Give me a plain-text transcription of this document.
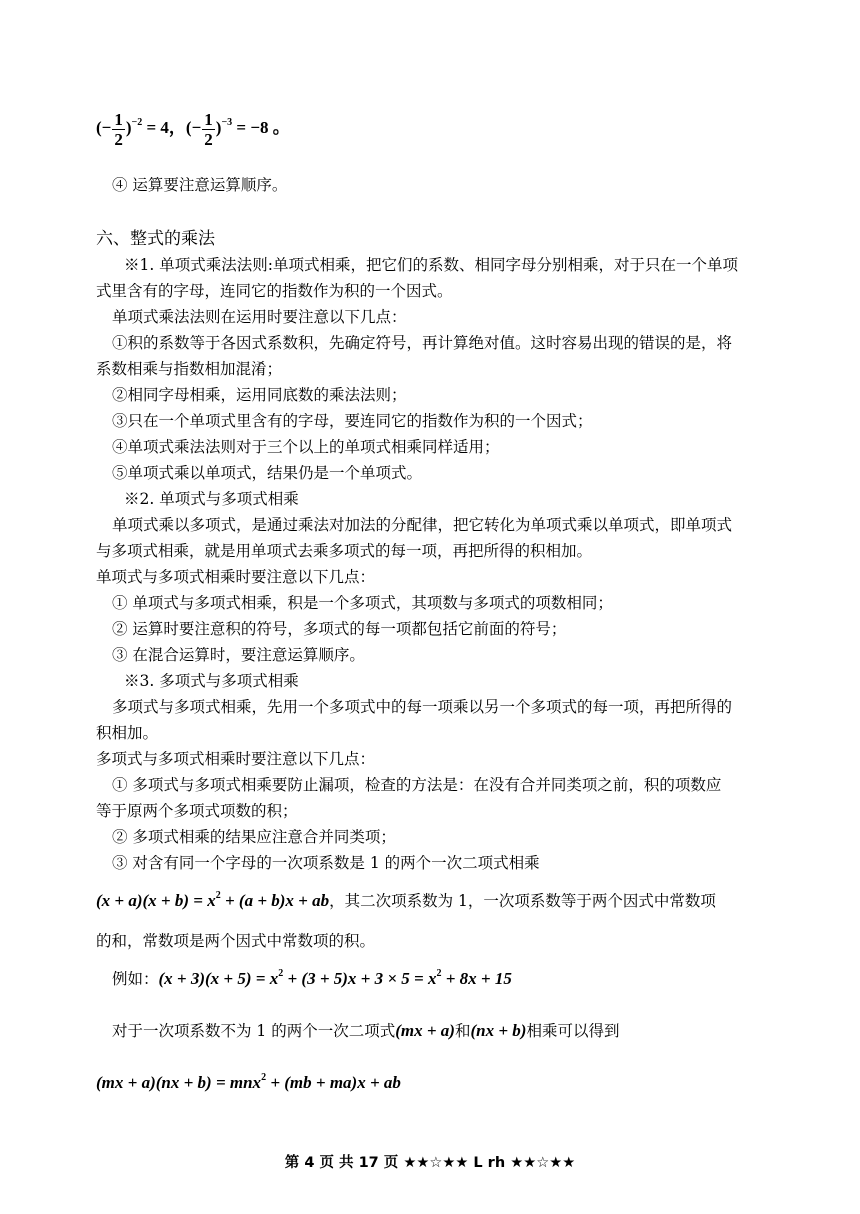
(− $\frac{1}{2} )^{-2} = 4$，(− $\frac{1}{2} )^{-3} = -8$ 。
④ 运算要注意运算顺序。
六、整式的乘法
※1. 单项式乘法法则:单项式相乘，把它们的系数、相同字母分别相乘，对于只在一个单项
式里含有的字母，连同它的指数作为积的一个因式。
单项式乘法法则在运用时要注意以下几点：
①积的系数等于各因式系数积，先确定符号，再计算绝对值。这时容易出现的错误的是，将
系数相乘与指数相加混淆；
②相同字母相乘，运用同底数的乘法法则；
③只在一个单项式里含有的字母，要连同它的指数作为积的一个因式；
④单项式乘法法则对于三个以上的单项式相乘同样适用；
⑤单项式乘以单项式，结果仍是一个单项式。
※2. 单项式与多项式相乘
单项式乘以多项式，是通过乘法对加法的分配律，把它转化为单项式乘以单项式，即单项式
与多项式相乘，就是用单项式去乘多项式的每一项，再把所得的积相加。
单项式与多项式相乘时要注意以下几点：
① 单项式与多项式相乘，积是一个多项式，其项数与多项式的项数相同；
② 运算时要注意积的符号，多项式的每一项都包括它前面的符号；
③ 在混合运算时，要注意运算顺序。
※3. 多项式与多项式相乘
多项式与多项式相乘，先用一个多项式中的每一项乘以另一个多项式的每一项，再把所得的
积相加。
多项式与多项式相乘时要注意以下几点：
① 多项式与多项式相乘要防止漏项，检查的方法是：在没有合并同类项之前，积的项数应
等于原两个多项式项数的积；
② 多项式相乘的结果应注意合并同类项；
③ 对含有同一个字母的一次项系数是 1 的两个一次二项式相乘
$(x + a)(x + b) = x^2 + (a + b)x$ + ab，其二次项系数为 1，一次项系数等于两个因式中常数项
的和，常数项是两个因式中常数项的积。
例如：$(x + 3)(x + 5) = x^2 + (3 + 5)x + 3 \times 5 = x^2 + 8x + 15$
对于一次项系数不为 1 的两个一次二项式(mx + a)和(nx + b)相乘可以得到
(mx + a)(nx + b) = mnx$^2$ + (mb + ma)x + ab
第 4 页 共 17 页 ★★☆★★ L rh ★★☆★★
